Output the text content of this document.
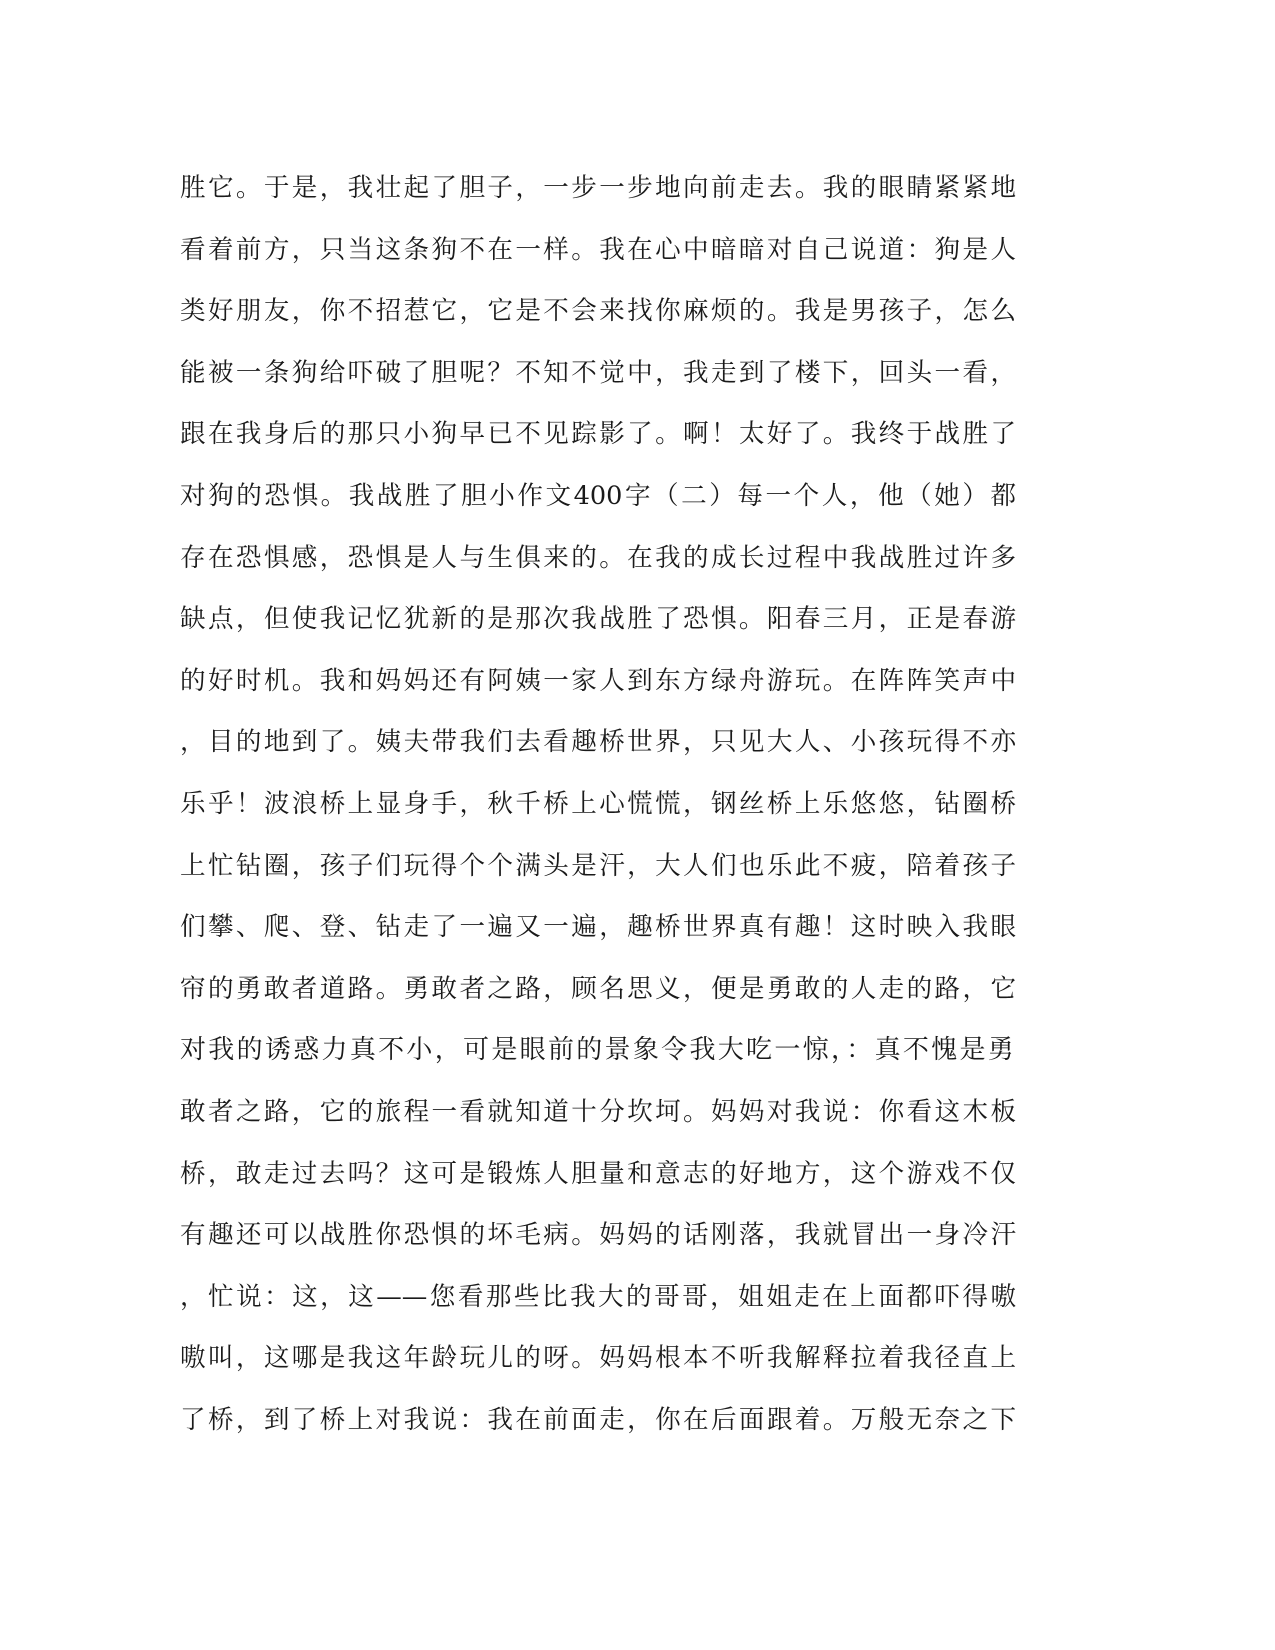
胜它。于是，我壮起了胆子，一步一步地向前走去。我的眼睛紧紧地
看着前方，只当这条狗不在一样。我在心中暗暗对自己说道：狗是人
类好朋友，你不招惹它，它是不会来找你麻烦的。我是男孩子，怎么
能被一条狗给吓破了胆呢？不知不觉中，我走到了楼下，回头一看，
跟在我身后的那只小狗早已不见踪影了。啊！太好了。我终于战胜了
对狗的恐惧。我战胜了胆小作文400字（二）每一个人，他（她）都
存在恐惧感，恐惧是人与生俱来的。在我的成长过程中我战胜过许多
缺点，但使我记忆犹新的是那次我战胜了恐惧。阳春三月，正是春游
的好时机。我和妈妈还有阿姨一家人到东方绿舟游玩。在阵阵笑声中
，目的地到了。姨夫带我们去看趣桥世界，只见大人、小孩玩得不亦
乐乎！波浪桥上显身手，秋千桥上心慌慌，钢丝桥上乐悠悠，钻圈桥
上忙钻圈，孩子们玩得个个满头是汗，大人们也乐此不疲，陪着孩子
们攀、爬、登、钻走了一遍又一遍，趣桥世界真有趣！这时映入我眼
帘的勇敢者道路。勇敢者之路，顾名思义，便是勇敢的人走的路，它
对我的诱惑力真不小，可是眼前的景象令我大吃一惊，：真不愧是勇
敢者之路，它的旅程一看就知道十分坎坷。妈妈对我说：你看这木板
桥，敢走过去吗？这可是锻炼人胆量和意志的好地方，这个游戏不仅
有趣还可以战胜你恐惧的坏毛病。妈妈的话刚落，我就冒出一身冷汗
，忙说：这，这——您看那些比我大的哥哥，姐姐走在上面都吓得嗷
嗷叫，这哪是我这年龄玩儿的呀。妈妈根本不听我解释拉着我径直上
了桥，到了桥上对我说：我在前面走，你在后面跟着。万般无奈之下
